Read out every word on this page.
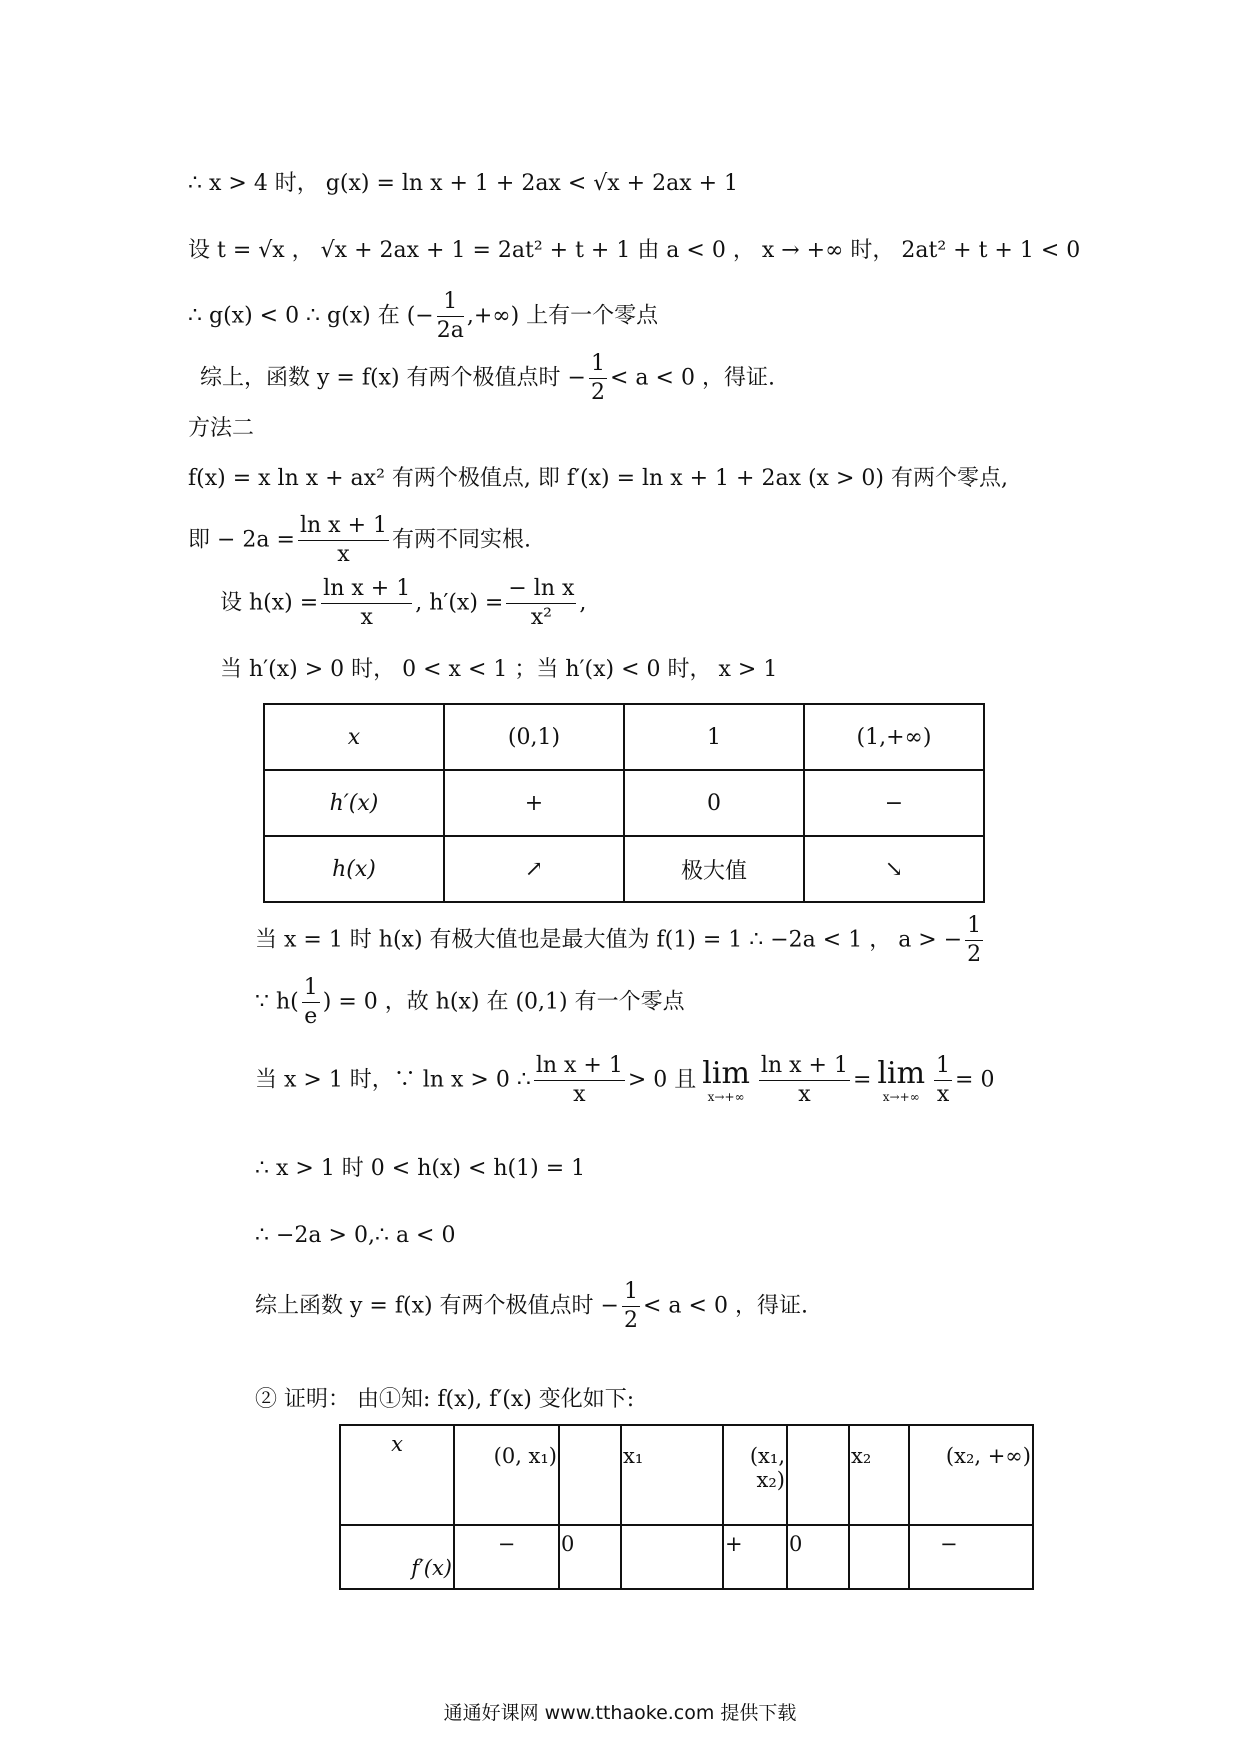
∴ x > 4 时， g(x) = ln x + 1 + 2ax < √x + 2ax + 1
设 t = √x ， √x + 2ax + 1 = 2at² + t + 1 由 a < 0 ， x → +∞ 时， 2at² + t + 1 < 0
∴ g(x) < 0 ∴ g(x) 在 (− $\frac{1}{2a}$ ,+∞) 上有一个零点
综上，函数 y = f(x) 有两个极值点时 − $\frac{1}{2} < a < 0$ ，得证.
方法二
f(x) = x ln x + ax² 有两个极值点, 即 f′(x) = ln x + 1 + 2ax (x > 0) 有两个零点,
即 − $2a = \frac{\text{ln x + 1}}{x}$ 有两不同实根.
设 $h(x) = \frac{\text{ln x + 1}}{x}$ , $h'(x) = \frac{\text{− ln x}}{\text{x²}}$ ,
当 h′(x) > 0 时， 0 < x < 1 ；当 h′(x) < 0 时， x > 1
x	(0,1)	1	(1,+∞)
h′(x)	+	0	−
h(x)	↗	极大值	↘
当 x = 1 时 h(x) 有极大值也是最大值为 f(1) = 1 ∴ −2a < 1 ， a > − $\frac{1}{2}$
∵ $h( \frac{1}{e}$ ) = 0 ，故 h(x) 在 (0,1) 有一个零点
当 x > 1 时，∵ ln x > 0 ∴ $\frac{\text{ln x + 1}}{x} > 0$ 且 lim
$x\to+\infty \frac{\text{ln x + 1}}{x} = \lim$
$x\to+\infty \frac{1}{x} = 0$
∴ x > 1 时 0 < h(x) < h(1) = 1
∴ −2a > 0,∴ a < 0
综上函数 y = f(x) 有两个极值点时 − $\frac{1}{2} < a < 0$ ，得证.
② 证明： 由①知: f(x), f′(x) 变化如下:
x	(0, x₁)		x₁	(x₁, x₂)		x₂	(x₂, +∞)
f′(x)	−	0		+	0		−
通通好课网 www.tthaoke.com 提供下载
